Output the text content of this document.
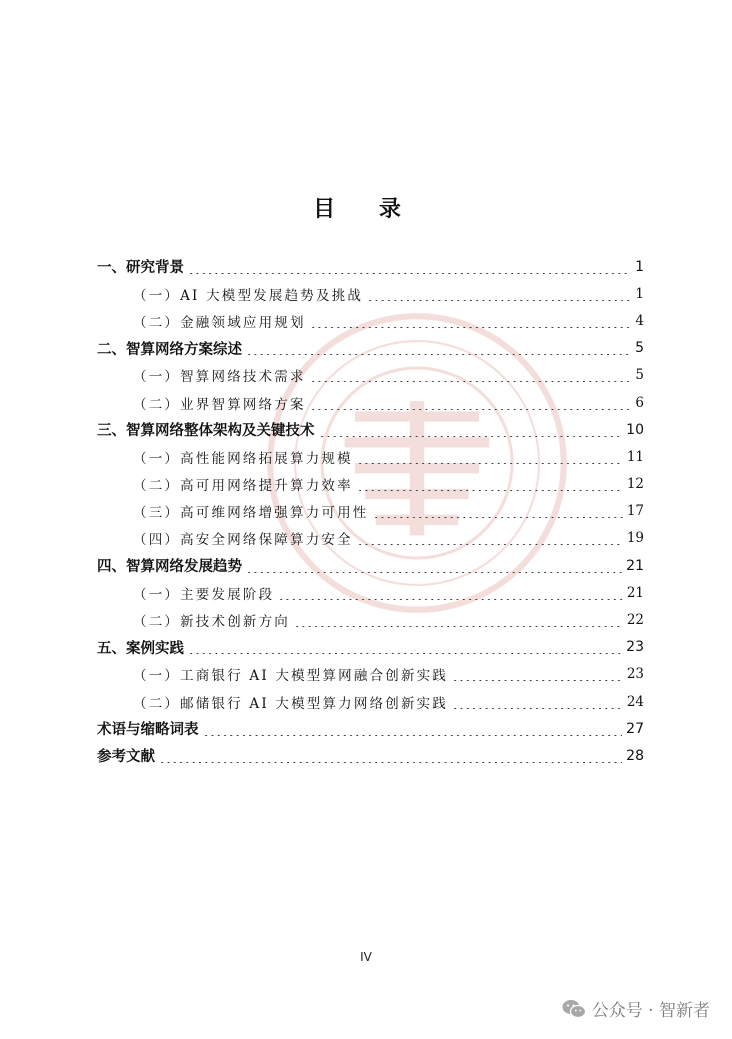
目 录
一、研究背景	1
（一）AI 大模型发展趋势及挑战	1
（二）金融领域应用规划	4
二、智算网络方案综述	5
（一）智算网络技术需求	5
（二）业界智算网络方案	6
三、智算网络整体架构及关键技术	10
（一）高性能网络拓展算力规模	11
（二）高可用网络提升算力效率	12
（三）高可维网络增强算力可用性	17
（四）高安全网络保障算力安全	19
四、智算网络发展趋势	21
（一）主要发展阶段	21
（二）新技术创新方向	22
五、案例实践	23
（一）工商银行 AI 大模型算网融合创新实践	23
（二）邮储银行 AI 大模型算力网络创新实践	24
术语与缩略词表	27
参考文献	28
IV
公众号 · 智新者
